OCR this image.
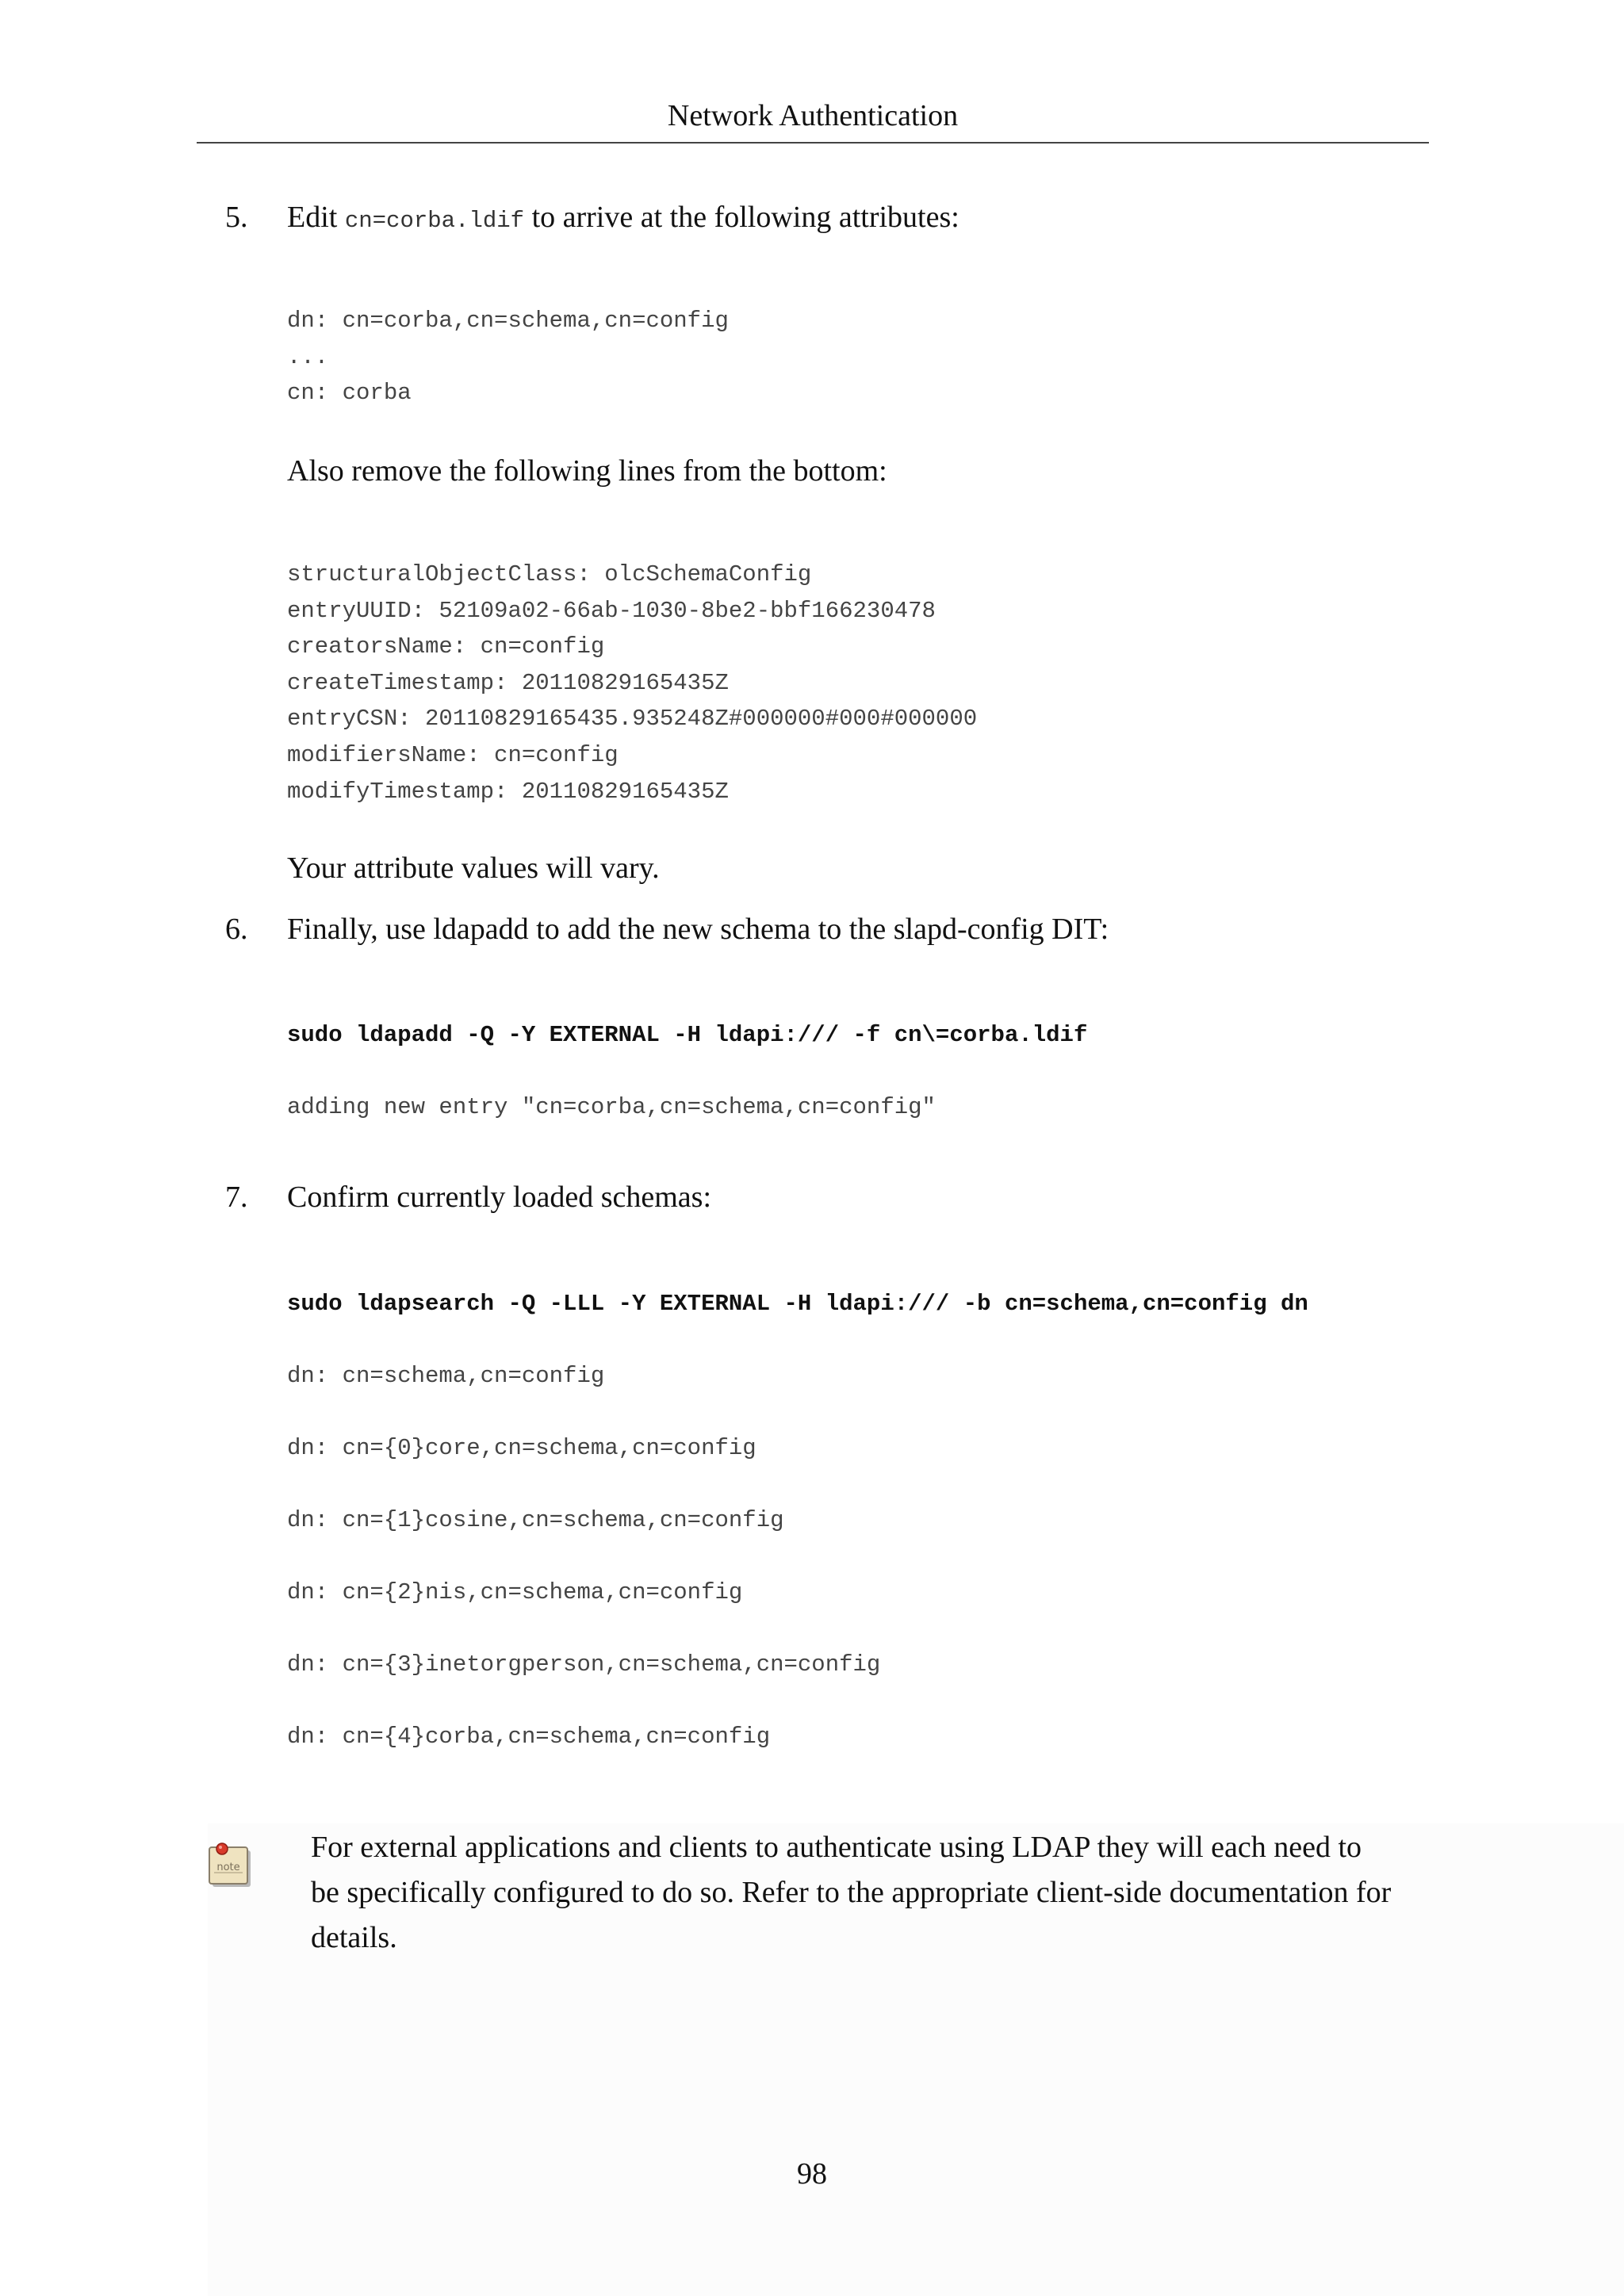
Network Authentication
5. Edit cn=corba.ldif to arrive at the following attributes:
dn: cn=corba,cn=schema,cn=config
...
cn: corba
Also remove the following lines from the bottom:
structuralObjectClass: olcSchemaConfig
entryUUID: 52109a02-66ab-1030-8be2-bbf166230478
creatorsName: cn=config
createTimestamp: 20110829165435Z
entryCSN: 20110829165435.935248Z#000000#000#000000
modifiersName: cn=config
modifyTimestamp: 20110829165435Z
Your attribute values will vary.
6. Finally, use ldapadd to add the new schema to the slapd-config DIT:
sudo ldapadd -Q -Y EXTERNAL -H ldapi:/// -f cn\=corba.ldif
adding new entry "cn=corba,cn=schema,cn=config"
7. Confirm currently loaded schemas:
sudo ldapsearch -Q -LLL -Y EXTERNAL -H ldapi:/// -b cn=schema,cn=config dn
dn: cn=schema,cn=config
dn: cn={0}core,cn=schema,cn=config
dn: cn={1}cosine,cn=schema,cn=config
dn: cn={2}nis,cn=schema,cn=config
dn: cn={3}inetorgperson,cn=schema,cn=config
dn: cn={4}corba,cn=schema,cn=config
note

For external applications and clients to authenticate using LDAP they will each need to be specifically configured to do so. Refer to the appropriate client-side documentation for details.

98
